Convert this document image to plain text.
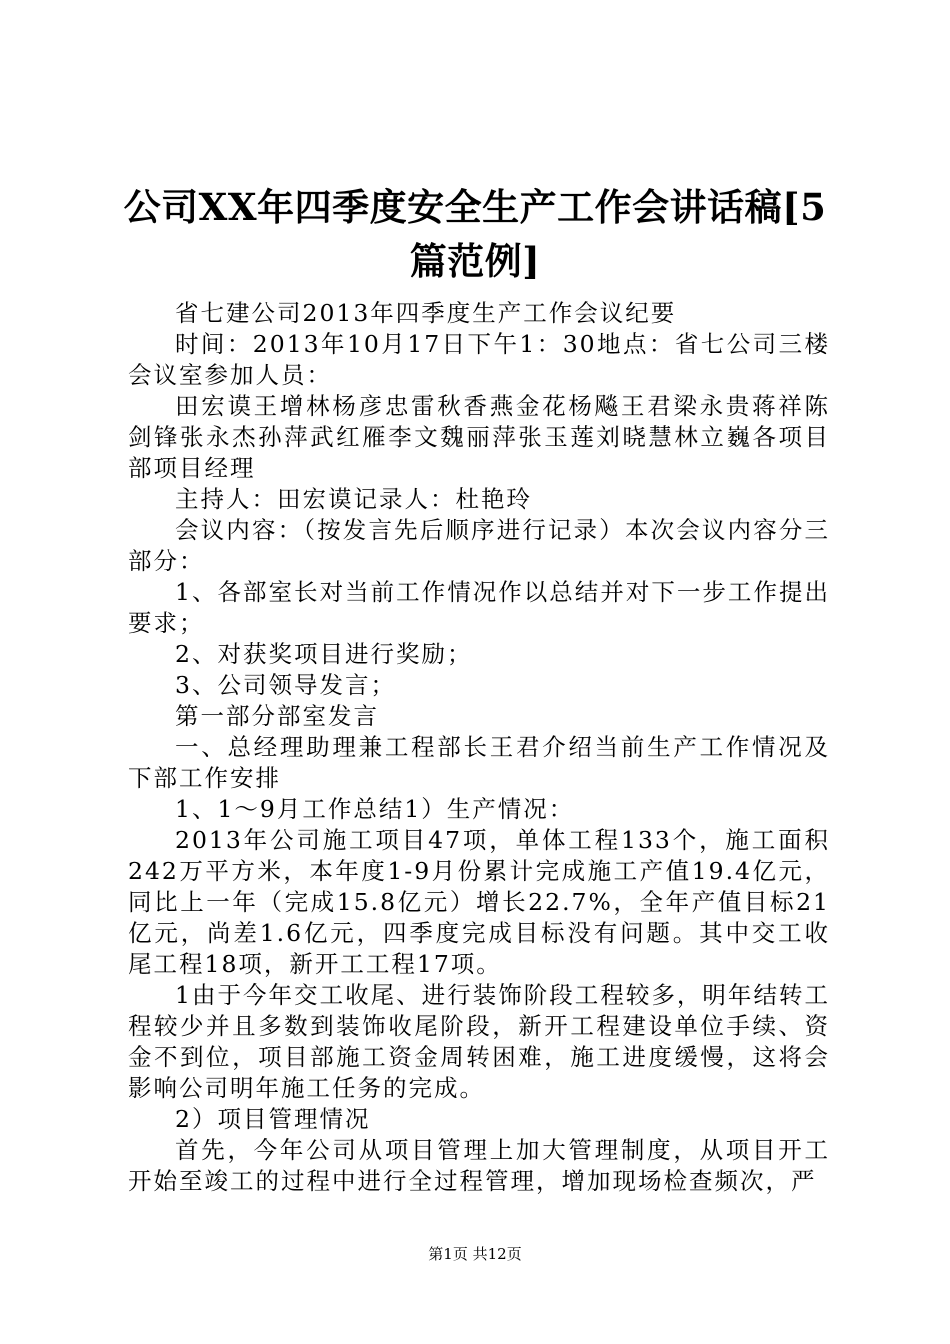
公司XX年四季度安全生产工作会讲话稿[5篇范例]

省七建公司2013年四季度生产工作会议纪要

时间：2013年10月17日下午1：30地点：省七公司三楼会议室参加人员：

田宏谟王增林杨彦忠雷秋香燕金花杨飚王君梁永贵蒋祥陈剑锋张永杰孙萍武红雁李文魏丽萍张玉莲刘晓慧林立巍各项目部项目经理

主持人：田宏谟记录人：杜艳玲

会议内容：（按发言先后顺序进行记录）本次会议内容分三部分：

1、各部室长对当前工作情况作以总结并对下一步工作提出要求；

2、对获奖项目进行奖励；

3、公司领导发言；

第一部分部室发言

一、总经理助理兼工程部长王君介绍当前生产工作情况及下部工作安排

1、1～9月工作总结1）生产情况：

2013年公司施工项目47项，单体工程133个，施工面积242万平方米，本年度1-9月份累计完成施工产值19.4亿元，同比上一年（完成15.8亿元）增长22.7%，全年产值目标21亿元，尚差1.6亿元，四季度完成目标没有问题。其中交工收尾工程18项，新开工工程17项。

1由于今年交工收尾、进行装饰阶段工程较多，明年结转工程较少并且多数到装饰收尾阶段，新开工程建设单位手续、资金不到位，项目部施工资金周转困难，施工进度缓慢，这将会影响公司明年施工任务的完成。

2）项目管理情况

首先，今年公司从项目管理上加大管理制度，从项目开工开始至竣工的过程中进行全过程管理，增加现场检查频次，严

第1页 共12页
